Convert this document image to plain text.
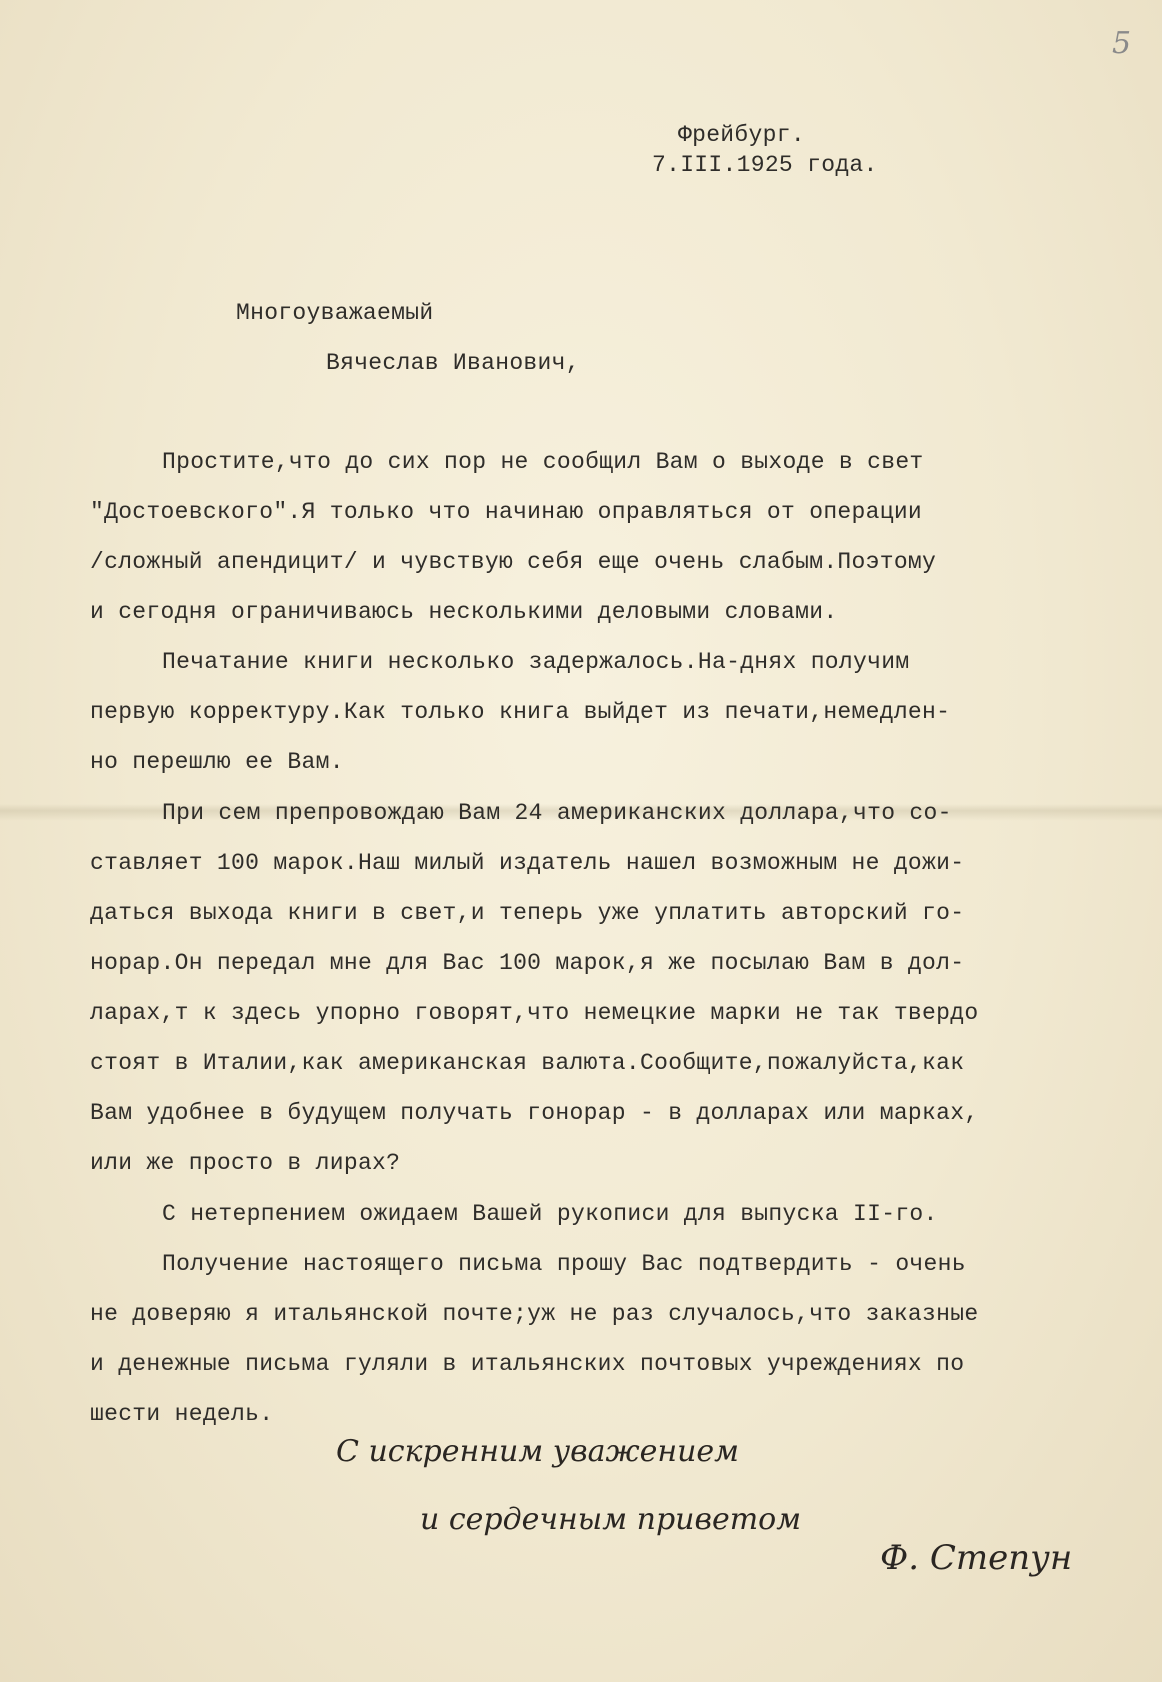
5
Фрейбург.
7.III.1925 года.
Многоуважаемый
Вячеслав Иванович,
Простите,что до сих пор не сообщил Вам о выходе в свет
"Достоевского".Я только что начинаю оправляться от операции
/сложный апендицит/ и чувствую себя еще очень слабым.Поэтому
и сегодня ограничиваюсь несколькими деловыми словами.
Печатание книги несколько задержалось.На-днях получим
первую корректуру.Как только книга выйдет из печати,немедлен-
но перешлю ее Вам.
При сем препровождаю Вам 24 американских доллара,что со-
ставляет 100 марок.Наш милый издатель нашел возможным не дожи-
даться выхода книги в свет,и теперь уже уплатить авторский го-
норар.Он передал мне для Вас 100 марок,я же посылаю Вам в дол-
ларах,т к здесь упорно говорят,что немецкие марки не так твердо
стоят в Италии,как американская валюта.Сообщите,пожалуйста,как
Вам удобнее в будущем получать гонорар - в долларах или марках,
или же просто в лирах?
С нетерпением ожидаем Вашей рукописи для выпуска II-го.
Получение настоящего письма прошу Вас подтвердить - очень
не доверяю я итальянской почте;уж не раз случалось,что заказные
и денежные письма гуляли в итальянских почтовых учреждениях по
шести недель.
С искренним уважением
и сердечным приветом
Ф. Степун
